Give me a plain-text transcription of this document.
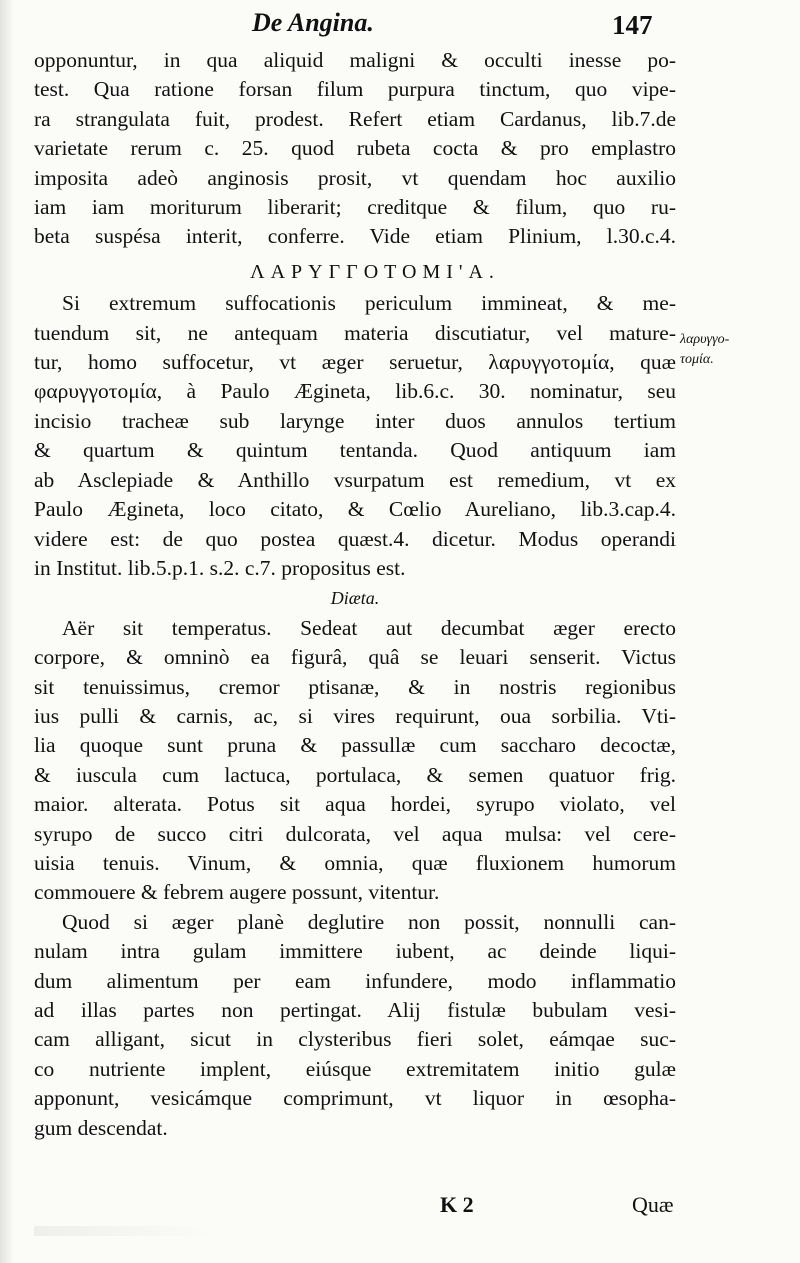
De Angina.	147

opponuntur, in qua aliquid maligni & occulti inesse po-

test. Qua ratione forsan filum purpura tinctum, quo vipe-

ra strangulata fuit, prodest. Refert etiam Cardanus, lib.7.de

varietate rerum c. 25. quod rubeta cocta & pro emplastro

imposita adeò anginosis prosit, vt quendam hoc auxilio

iam iam moriturum liberarit; creditque & filum, quo ru-

beta suspésa interit, conferre. Vide etiam Plinium, l.30.c.4.

ΛΑΡΥΓΓΟΤΟΜΙ'Α.

Si extremum suffocationis periculum immineat, & me-

tuendum sit, ne antequam materia discutiatur, vel mature-

tur, homo suffocetur, vt æger seruetur, λαρυγγοτομία, quæ

φαρυγγοτομία, à Paulo Ægineta, lib.6.c. 30. nominatur, seu

incisio tracheæ sub larynge inter duos annulos tertium

& quartum & quintum tentanda. Quod antiquum iam

ab Asclepiade & Anthillo vsurpatum est remedium, vt ex

Paulo Ægineta, loco citato, & Cœlio Aureliano, lib.3.cap.4.

videre est: de quo postea quæst.4. dicetur. Modus operandi

in Institut. lib.5.p.1. s.2. c.7. propositus est.

Diæta.

Aër sit temperatus. Sedeat aut decumbat æger erecto

corpore, & omninò ea figurâ, quâ se leuari senserit. Victus

sit tenuissimus, cremor ptisanæ, & in nostris regionibus

ius pulli & carnis, ac, si vires requirunt, oua sorbilia. Vti-

lia quoque sunt pruna & passullæ cum saccharo decoctæ,

& iuscula cum lactuca, portulaca, & semen quatuor frig.

maior. alterata. Potus sit aqua hordei, syrupo violato, vel

syrupo de succo citri dulcorata, vel aqua mulsa: vel cere-

uisia tenuis. Vinum, & omnia, quæ fluxionem humorum

commouere & febrem augere possunt, vitentur.

Quod si æger planè deglutire non possit, nonnulli can-

nulam intra gulam immittere iubent, ac deinde liqui-

dum alimentum per eam infundere, modo inflammatio

ad illas partes non pertingat. Alij fistulæ bubulam vesi-

cam alligant, sicut in clysteribus fieri solet, eámqae suc-

co nutriente implent, eiúsque extremitatem initio gulæ

apponunt, vesicámque comprimunt, vt liquor in œsopha-

gum descendat.

λαρυγγο-
τομία.
K 2	Quæ
